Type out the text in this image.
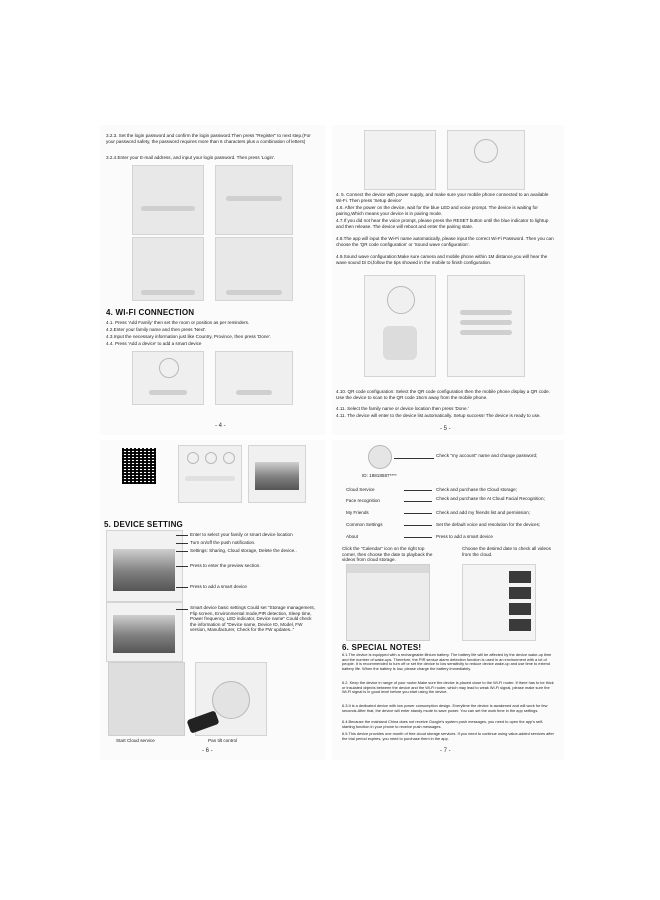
3.2.3. Set the login password and confirm the login password.Then press "Register" to next step.(For your password safety, the password requires more than 6 characters plus a combination of letters)
3.2.4.Enter your E-mail address, and input your login password. Then press 'Login'.
4. WI-FI CONNECTION
4.1. Press 'Add Family' then set the room or position as per reminders.
4.2.Enter your family name and then press 'Next'.
4.3.Input the necessary information just like Country, Province, then press 'Done'.
4.4. Press 'Add a device' to add a smart device
- 4 -
4. 5. Connect the device with power supply, and make sure your mobile phone connected to an available Wi-Fi. Then press 'Setup device'
4.6. After the power on the device, wait for the blue LED and voice prompt. The device is waiting for pairing,Which means your device is in pairing mode.
4.7.If you did not hear the voice prompt, please press the RESET button until the blue indicator to lightup and then release. The device will reboot and enter the pairing state.
4.8.The app will input the Wi-Fi name automatically, please input the correct Wi-Fi Password. Then you can choose the 'QR code configuration' or 'Sound wave configuration'.
4.9.Sound wave configuration:Make sure camera and mobile phone within 1M distance,you will hear the wave sound Di Di,follow the tips showed in the mobile to finish configuration.
4.10. QR code configuration: Select the QR code configuration then the mobile phone display a QR code. Use the device to scan to the QR code 15cm away from the mobile phone.
4.11. Select the family name or device location then press 'Done.'
4.11. The device will enter to the device list automatically. Setup success! The device is ready to use.
- 5 -
5. DEVICE SETTING
Enter to select your family or smart device location
Turn on/off the push notification.
Settings: Sharing, Cloud storage, Delete the device..
Press to enter the preview section.
Press to add a smart device
Smart device basic settings Could set "Storage management, Flip screen, Environmental mode,PIR detection, Sleep time, Power frequency, LED indicator, Device name" Could check the information of "Device name, Device ID, Model, FW version, Manufacturer, Check for the FW updates.."
Start Cloud service	Pan tilt control
- 6 -
ID: 18818587****
Check "my account" name and change password;
Cloud Service	Check and purchase the Cloud storage;
Face recognition	Check and purchase the AI Cloud Facial Recognition;
My Friends	Check and add my friends list and permission;
Common Settings	Set the default voice and resolution for the devices;
About	Press to add a smart device
Click the "Calendar" icon on the right top corner, then choose the date to playback the videos from cloud storage.
Choose the desired date to check all videos from the cloud.
6. SPECIAL NOTES!
6.1.The device is equipped with a rechargeable lithium battery. The battery life will be affected by the device wake-up time and the number of wake-ups. Therefore, the PIR sensor alarm detection function is used in an environment with a lot of people. It is recommended to turn off or set the device to low sensitivity to reduce device wake-up and use time to extend battery life. When the battery is low, please charge the battery immediately.
6.2. Keep the device in range of your router.Make sure the device is placed close to the Wi-Fi router. If there has to be thick or insulated objects between the device and the Wi-Fi router, which may lead to weak Wi-Fi signal, please make sure the Wi-Fi signal is in good level before you start using the device.
6.3.It is a dedicated device with low power consumption design. Everytime the device is awakened and will work for few seconds.After that, the device will enter standy mode to save power. You can set the work time in the app settings.
6.4.Because the mainland China does not receive Google's system push messages, you need to open the app's self-starting function in your phone to receive push messages.
6.5.This device provides one month of free cloud storage services. If you need to continue using value-added services after the trial period expires, you need to purchase them in the app.
- 7 -
